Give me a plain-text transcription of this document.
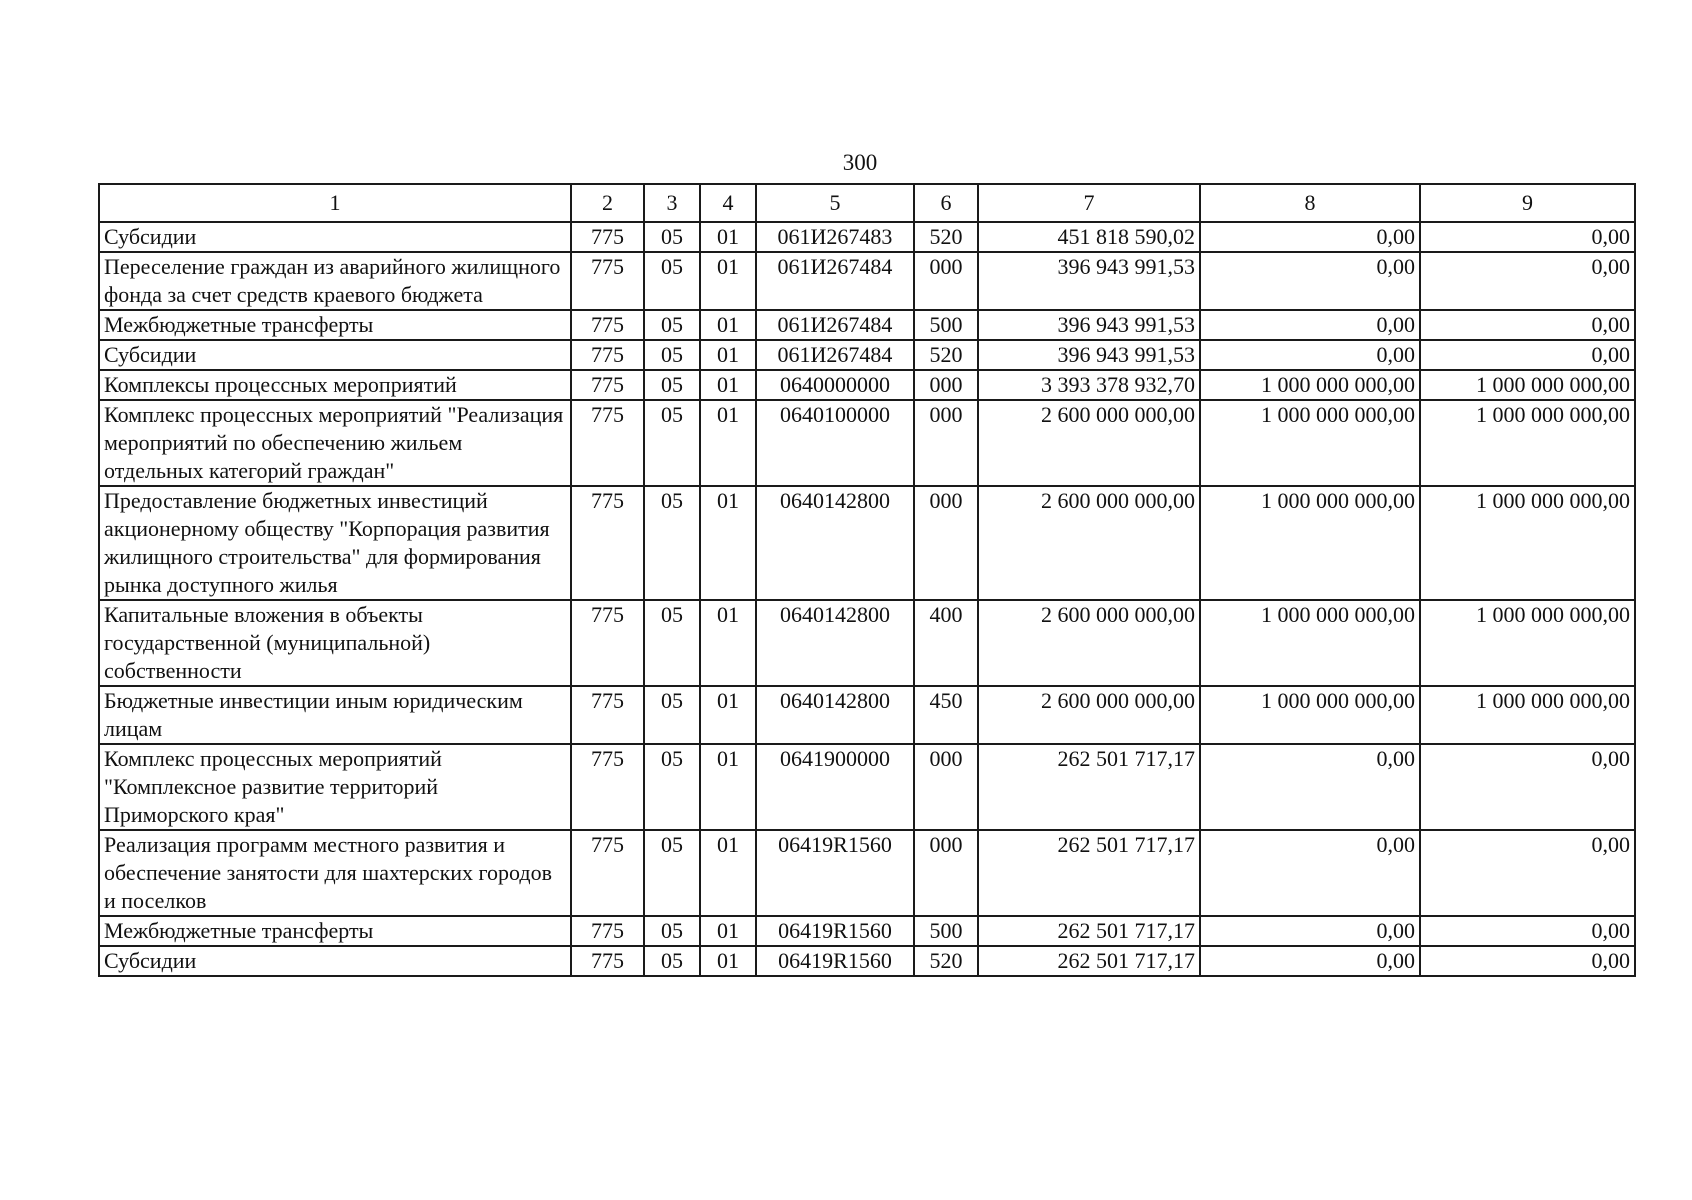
300
1	2	3	4	5	6	7	8	9
Субсидии	775	05	01	061И267483	520	451 818 590,02	0,00	0,00
Переселение граждан из аварийного жилищного фонда за счет средств краевого бюджета	775	05	01	061И267484	000	396 943 991,53	0,00	0,00
Межбюджетные трансферты	775	05	01	061И267484	500	396 943 991,53	0,00	0,00
Субсидии	775	05	01	061И267484	520	396 943 991,53	0,00	0,00
Комплексы процессных мероприятий	775	05	01	0640000000	000	3 393 378 932,70	1 000 000 000,00	1 000 000 000,00
Комплекс процессных мероприятий "Реализация мероприятий по обеспечению жильем отдельных категорий граждан"	775	05	01	0640100000	000	2 600 000 000,00	1 000 000 000,00	1 000 000 000,00
Предоставление бюджетных инвестиций акционерному обществу "Корпорация развития жилищного строительства" для формирования рынка доступного жилья	775	05	01	0640142800	000	2 600 000 000,00	1 000 000 000,00	1 000 000 000,00
Капитальные вложения в объекты государственной (муниципальной) собственности	775	05	01	0640142800	400	2 600 000 000,00	1 000 000 000,00	1 000 000 000,00
Бюджетные инвестиции иным юридическим лицам	775	05	01	0640142800	450	2 600 000 000,00	1 000 000 000,00	1 000 000 000,00
Комплекс процессных мероприятий "Комплексное развитие территорий Приморского края"	775	05	01	0641900000	000	262 501 717,17	0,00	0,00
Реализация программ местного развития и обеспечение занятости для шахтерских городов и поселков	775	05	01	06419R1560	000	262 501 717,17	0,00	0,00
Межбюджетные трансферты	775	05	01	06419R1560	500	262 501 717,17	0,00	0,00
Субсидии	775	05	01	06419R1560	520	262 501 717,17	0,00	0,00
